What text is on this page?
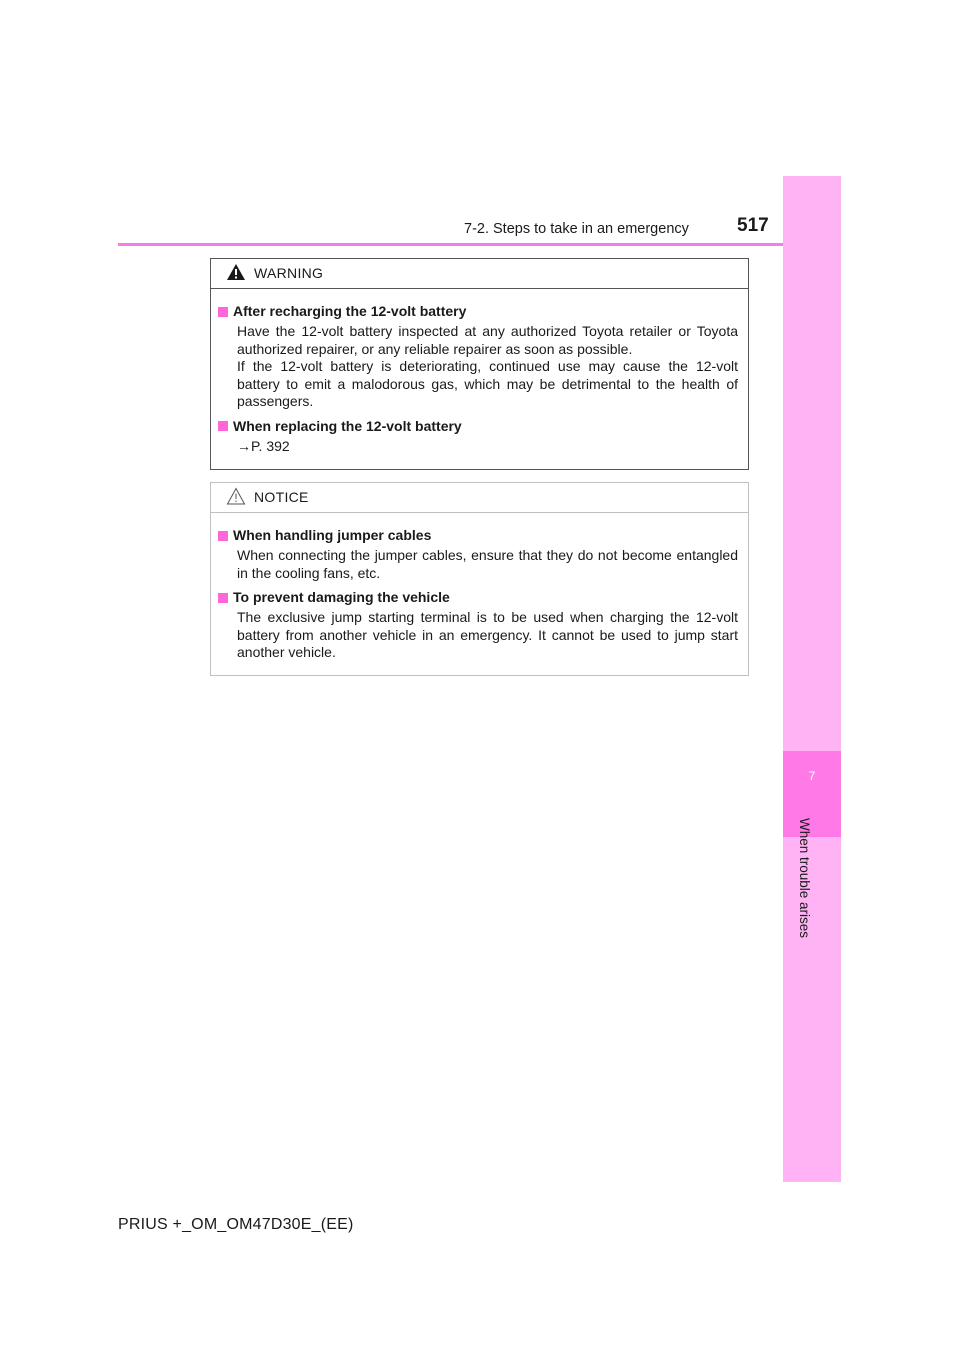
7-2. Steps to take in an emergency	517
7
When trouble arises
WARNING
After recharging the 12-volt battery
Have the 12-volt battery inspected at any authorized Toyota retailer or Toyota authorized repairer, or any reliable repairer as soon as possible.
If the 12-volt battery is deteriorating, continued use may cause the 12-volt battery to emit a malodorous gas, which may be detrimental to the health of passengers.
When replacing the 12-volt battery
→P. 392
NOTICE
When handling jumper cables
When connecting the jumper cables, ensure that they do not become entangled in the cooling fans, etc.
To prevent damaging the vehicle
The exclusive jump starting terminal is to be used when charging the 12-volt battery from another vehicle in an emergency. It cannot be used to jump start another vehicle.
PRIUS +_OM_OM47D30E_(EE)
